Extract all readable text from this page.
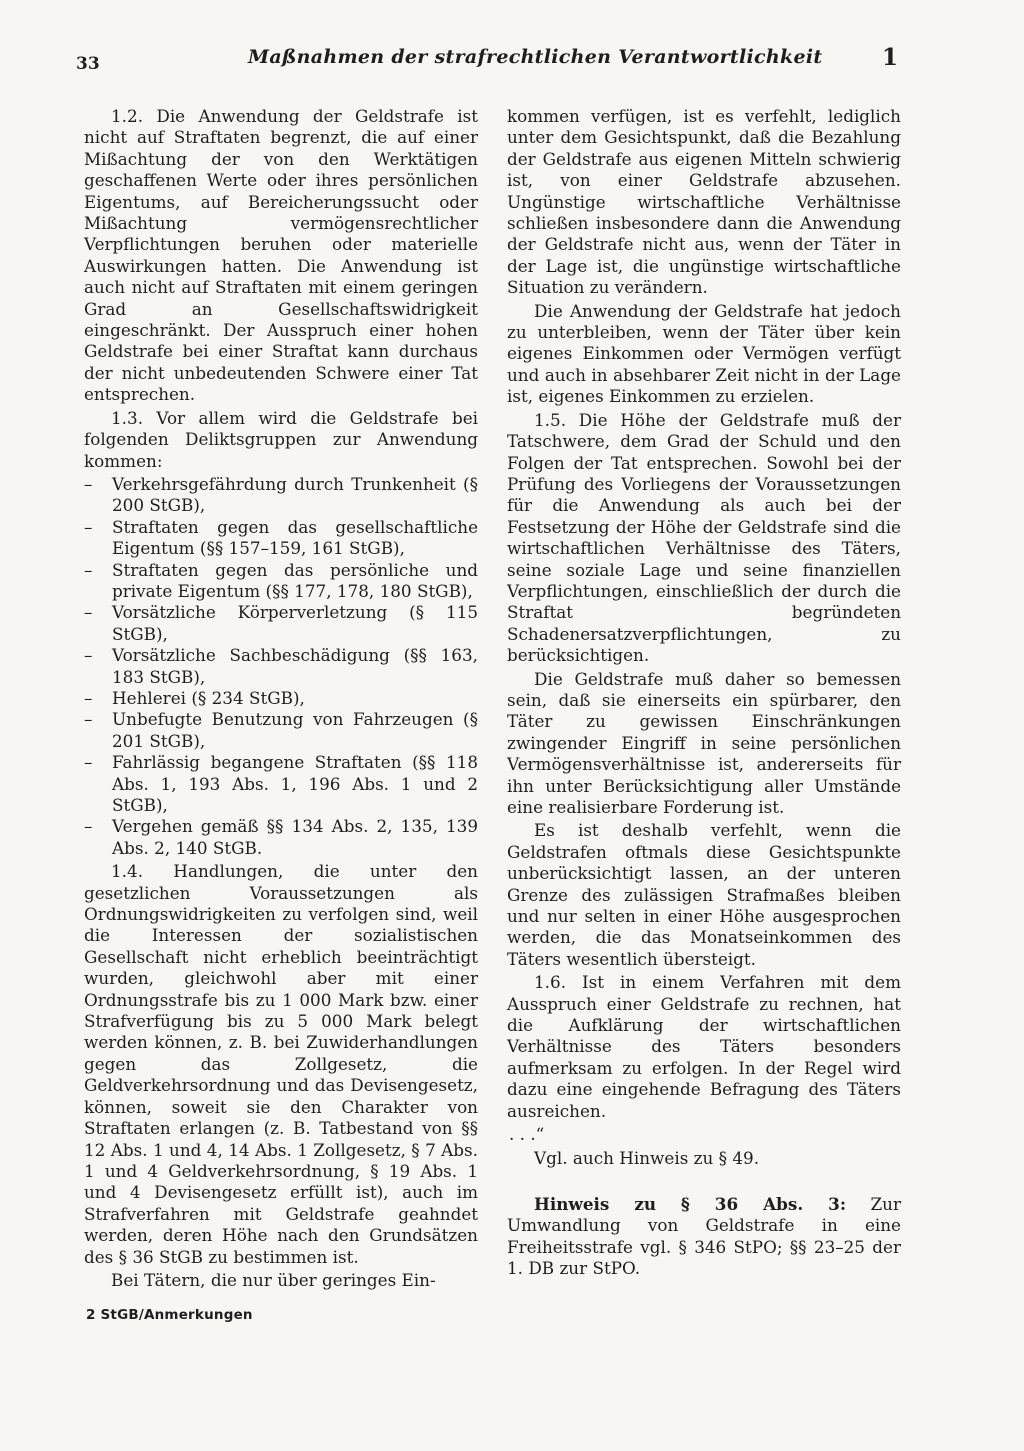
33	Maßnahmen der strafrechtlichen Verantwortlichkeit	1

1.2. Die Anwendung der Geldstrafe ist nicht auf Straftaten begrenzt, die auf einer Mißachtung der von den Werktätigen geschaffenen Werte oder ihres persönlichen Eigentums, auf Bereicherungssucht oder Mißachtung vermögensrechtlicher Verpflichtungen beruhen oder materielle Auswirkungen hatten. Die Anwendung ist auch nicht auf Straftaten mit einem geringen Grad an Gesellschaftswidrigkeit eingeschränkt. Der Ausspruch einer hohen Geldstrafe bei einer Straftat kann durchaus der nicht unbedeutenden Schwere einer Tat entsprechen.

1.3. Vor allem wird die Geldstrafe bei folgenden Deliktsgruppen zur Anwendung kommen:

– Verkehrsgefährdung durch Trunkenheit (§ 200 StGB),
– Straftaten gegen das gesellschaftliche Eigentum (§§ 157–159, 161 StGB),
– Straftaten gegen das persönliche und private Eigentum (§§ 177, 178, 180 StGB),
– Vorsätzliche Körperverletzung (§ 115 StGB),
– Vorsätzliche Sachbeschädigung (§§ 163, 183 StGB),
– Hehlerei (§ 234 StGB),
– Unbefugte Benutzung von Fahrzeugen (§ 201 StGB),
– Fahrlässig begangene Straftaten (§§ 118 Abs. 1, 193 Abs. 1, 196 Abs. 1 und 2 StGB),
– Vergehen gemäß §§ 134 Abs. 2, 135, 139 Abs. 2, 140 StGB.

1.4. Handlungen, die unter den gesetzlichen Voraussetzungen als Ordnungswidrigkeiten zu verfolgen sind, weil die Interessen der sozialistischen Gesellschaft nicht erheblich beeinträchtigt wurden, gleichwohl aber mit einer Ordnungsstrafe bis zu 1 000 Mark bzw. einer Strafverfügung bis zu 5 000 Mark belegt werden können, z. B. bei Zuwiderhandlungen gegen das Zollgesetz, die Geldverkehrsordnung und das Devisengesetz, können, soweit sie den Charakter von Straftaten erlangen (z. B. Tatbestand von §§ 12 Abs. 1 und 4, 14 Abs. 1 Zollgesetz, § 7 Abs. 1 und 4 Geldverkehrsordnung, § 19 Abs. 1 und 4 Devisengesetz erfüllt ist), auch im Strafverfahren mit Geldstrafe geahndet werden, deren Höhe nach den Grundsätzen des § 36 StGB zu bestimmen ist.

Bei Tätern, die nur über geringes Ein-

kommen verfügen, ist es verfehlt, lediglich unter dem Gesichtspunkt, daß die Bezahlung der Geldstrafe aus eigenen Mitteln schwierig ist, von einer Geldstrafe abzusehen. Ungünstige wirtschaftliche Verhältnisse schließen insbesondere dann die Anwendung der Geldstrafe nicht aus, wenn der Täter in der Lage ist, die ungünstige wirtschaftliche Situation zu verändern.

Die Anwendung der Geldstrafe hat jedoch zu unterbleiben, wenn der Täter über kein eigenes Einkommen oder Vermögen verfügt und auch in absehbarer Zeit nicht in der Lage ist, eigenes Einkommen zu erzielen.

1.5. Die Höhe der Geldstrafe muß der Tatschwere, dem Grad der Schuld und den Folgen der Tat entsprechen. Sowohl bei der Prüfung des Vorliegens der Voraussetzungen für die Anwendung als auch bei der Festsetzung der Höhe der Geldstrafe sind die wirtschaftlichen Verhältnisse des Täters, seine soziale Lage und seine finanziellen Verpflichtungen, einschließlich der durch die Straftat begründeten Schadenersatzverpflichtungen, zu berücksichtigen.

Die Geldstrafe muß daher so bemessen sein, daß sie einerseits ein spürbarer, den Täter zu gewissen Einschränkungen zwingender Eingriff in seine persönlichen Vermögensverhältnisse ist, andererseits für ihn unter Berücksichtigung aller Umstände eine realisierbare Forderung ist.

Es ist deshalb verfehlt, wenn die Geldstrafen oftmals diese Gesichtspunkte unberücksichtigt lassen, an der unteren Grenze des zulässigen Strafmaßes bleiben und nur selten in einer Höhe ausgesprochen werden, die das Monatseinkommen des Täters wesentlich übersteigt.

1.6. Ist in einem Verfahren mit dem Ausspruch einer Geldstrafe zu rechnen, hat die Aufklärung der wirtschaftlichen Verhältnisse des Täters besonders aufmerksam zu erfolgen. In der Regel wird dazu eine eingehende Befragung des Täters ausreichen.

. . .“

Vgl. auch Hinweis zu § 49.

Hinweis zu § 36 Abs. 3: Zur Umwandlung von Geldstrafe in eine Freiheitsstrafe vgl. § 346 StPO; §§ 23–25 der 1. DB zur StPO.

2 StGB/Anmerkungen
